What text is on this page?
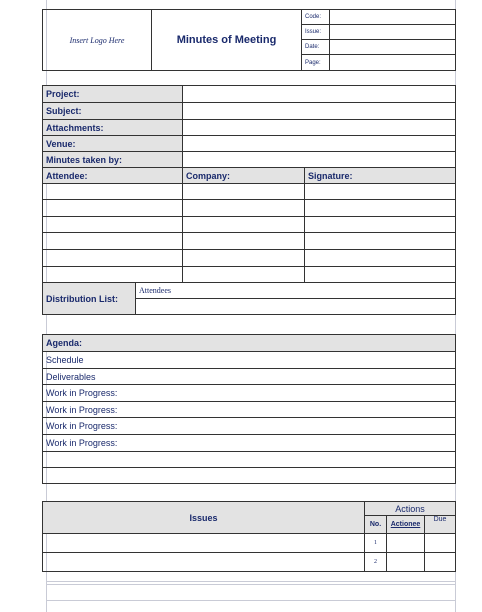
Insert Logo Here	Minutes of Meeting	Code:	
		Issue:	
		Date:	
		Page:	
Project:			
Subject:			
Attachments:			
Venue:			
Minutes taken by:			
Attendee:		Company:	Signature:

Distribution List:	Attendees		

Agenda:
Schedule
Deliverables
Work in Progress:
Work in Progress:
Work in Progress:
Work in Progress:

Issues	Actions		
	No.	Actionee	Due
	1		
	2		
